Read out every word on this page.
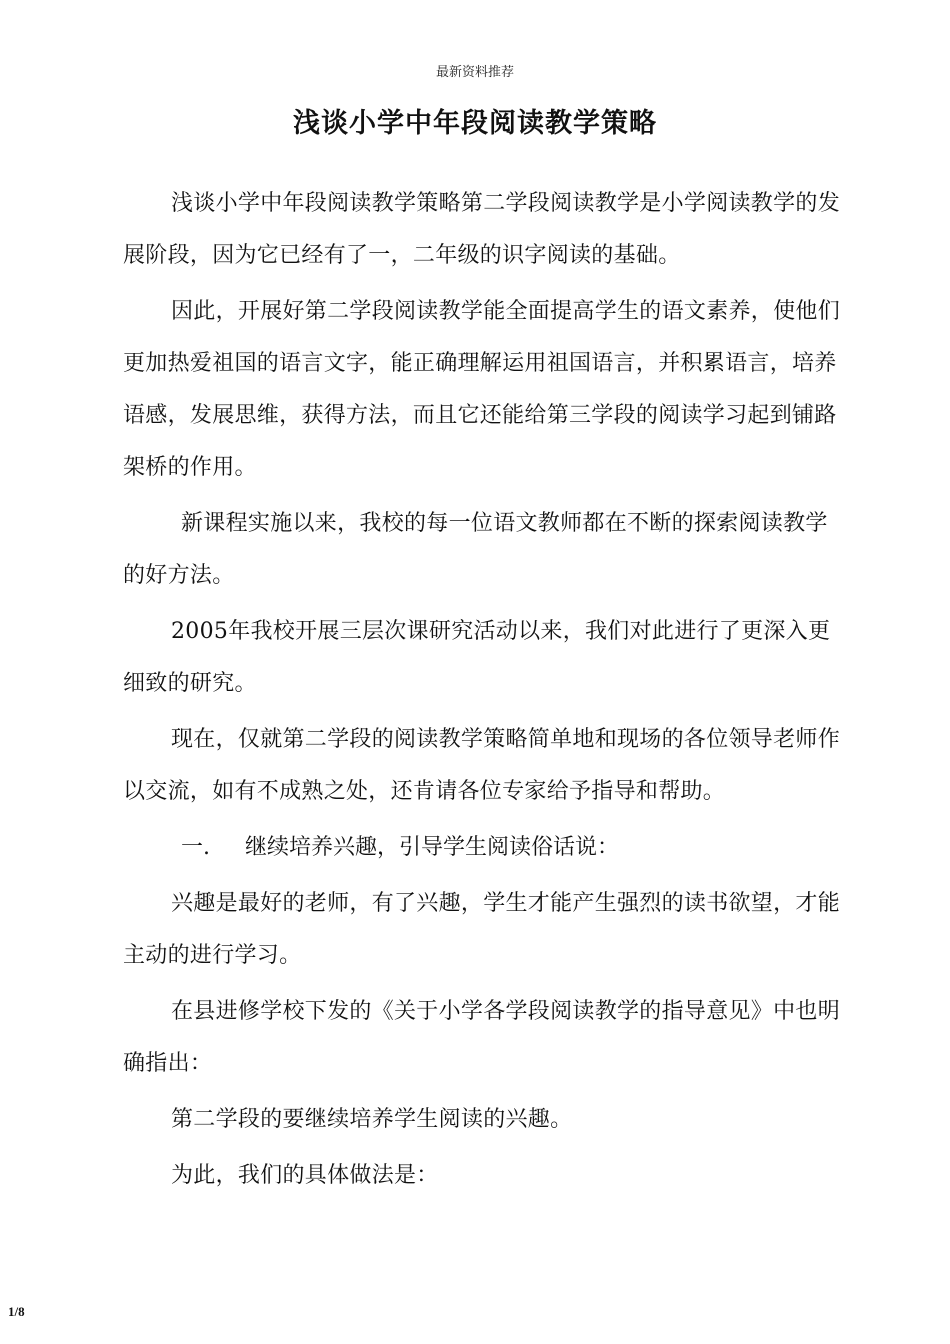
最新资料推荐
浅谈小学中年段阅读教学策略

浅谈小学中年段阅读教学策略第二学段阅读教学是小学阅读教学的发展阶段，因为它已经有了一，二年级的识字阅读的基础。

因此，开展好第二学段阅读教学能全面提高学生的语文素养，使他们更加热爱祖国的语言文字，能正确理解运用祖国语言，并积累语言，培养语感，发展思维，获得方法，而且它还能给第三学段的阅读学习起到铺路架桥的作用。

新课程实施以来，我校的每一位语文教师都在不断的探索阅读教学的好方法。

2005年我校开展三层次课研究活动以来，我们对此进行了更深入更细致的研究。

现在，仅就第二学段的阅读教学策略简单地和现场的各位领导老师作以交流，如有不成熟之处，还肯请各位专家给予指导和帮助。

一. 继续培养兴趣，引导学生阅读俗话说：

兴趣是最好的老师，有了兴趣，学生才能产生强烈的读书欲望，才能主动的进行学习。

在县进修学校下发的《关于小学各学段阅读教学的指导意见》中也明确指出：

第二学段的要继续培养学生阅读的兴趣。

为此，我们的具体做法是：

1/8
